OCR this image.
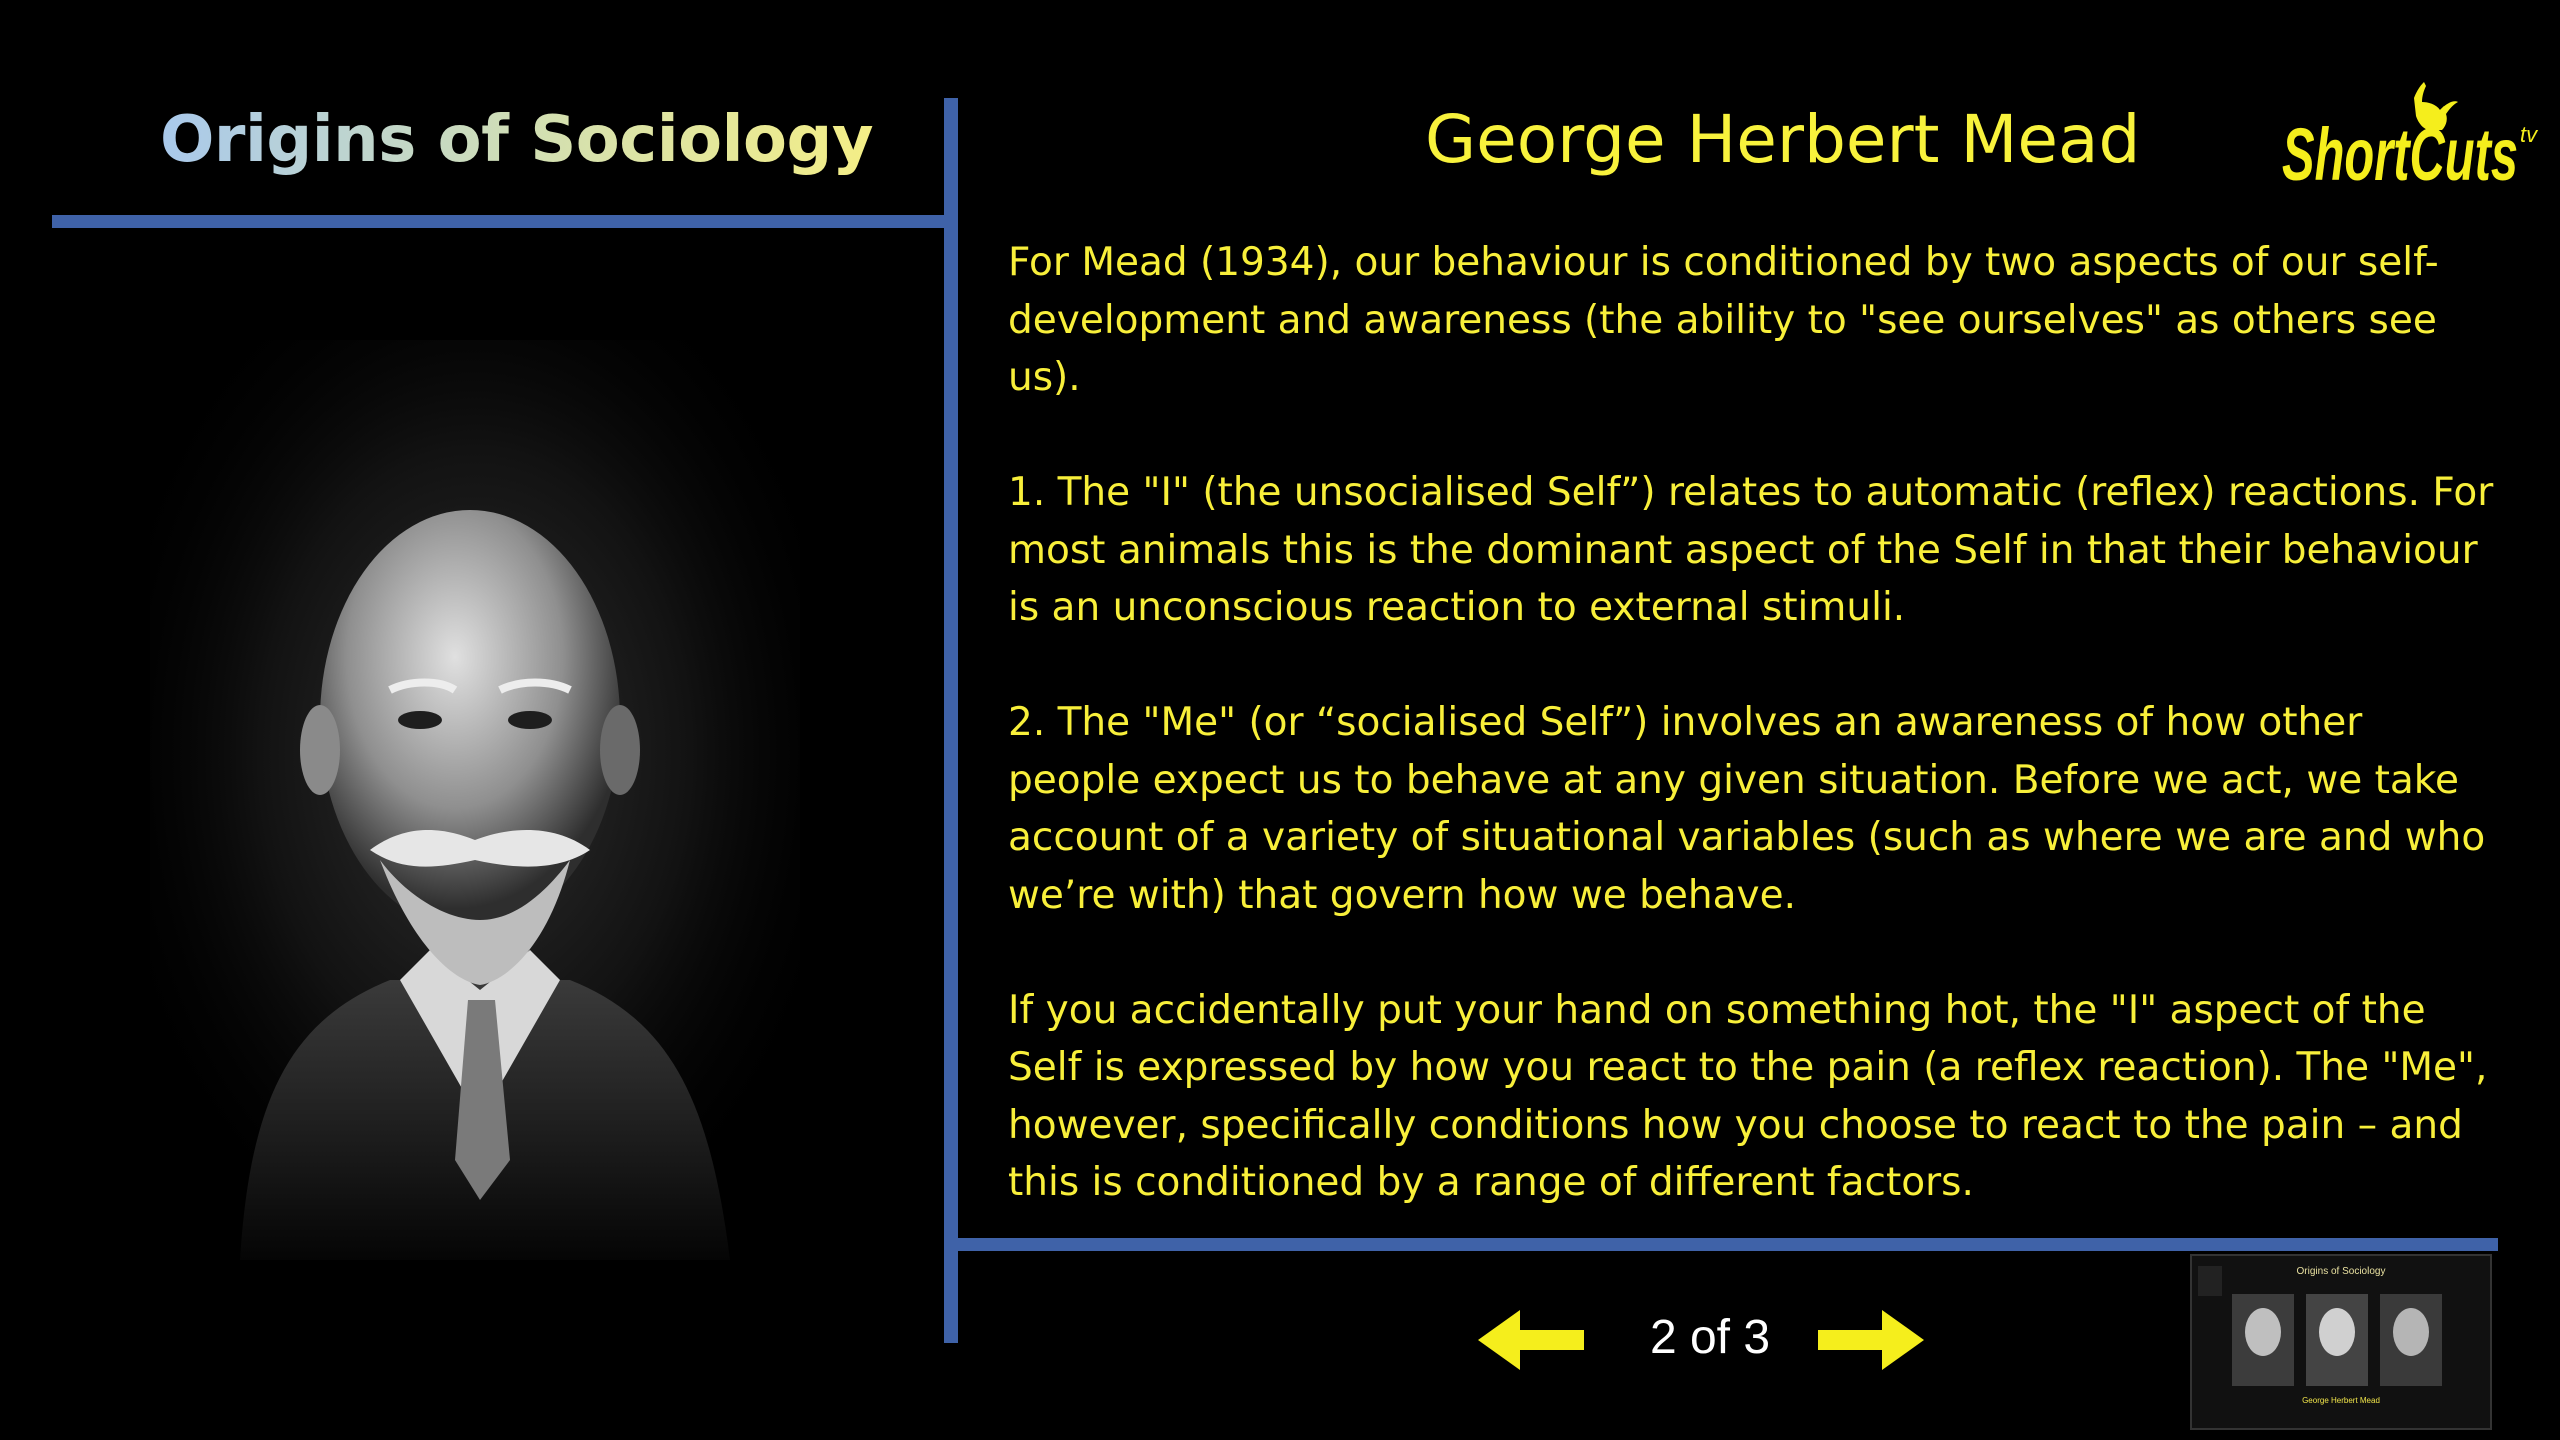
Origins of Sociology	George Herbert Mead ShortCuts tv

For Mead (1934), our behaviour is conditioned by two aspects of our self-development and awareness (the ability to "see ourselves" as others see us).

1. The "I" (the unsocialised Self”) relates to automatic (reflex) reactions. For most animals this is the dominant aspect of the Self in that their behaviour is an unconscious reaction to external stimuli.

2. The "Me" (or “socialised Self”) involves an awareness of how other people expect us to behave at any given situation. Before we act, we take account of a variety of situational variables (such as where we are and who we’re with) that govern how we behave.

If you accidentally put your hand on something hot, the "I" aspect of the Self is expressed by how you react to the pain (a reflex reaction). The "Me", however, specifically conditions how you choose to react to the pain – and this is conditioned by a range of different factors.

2 of 3
Origins of Sociology
George Herbert Mead
